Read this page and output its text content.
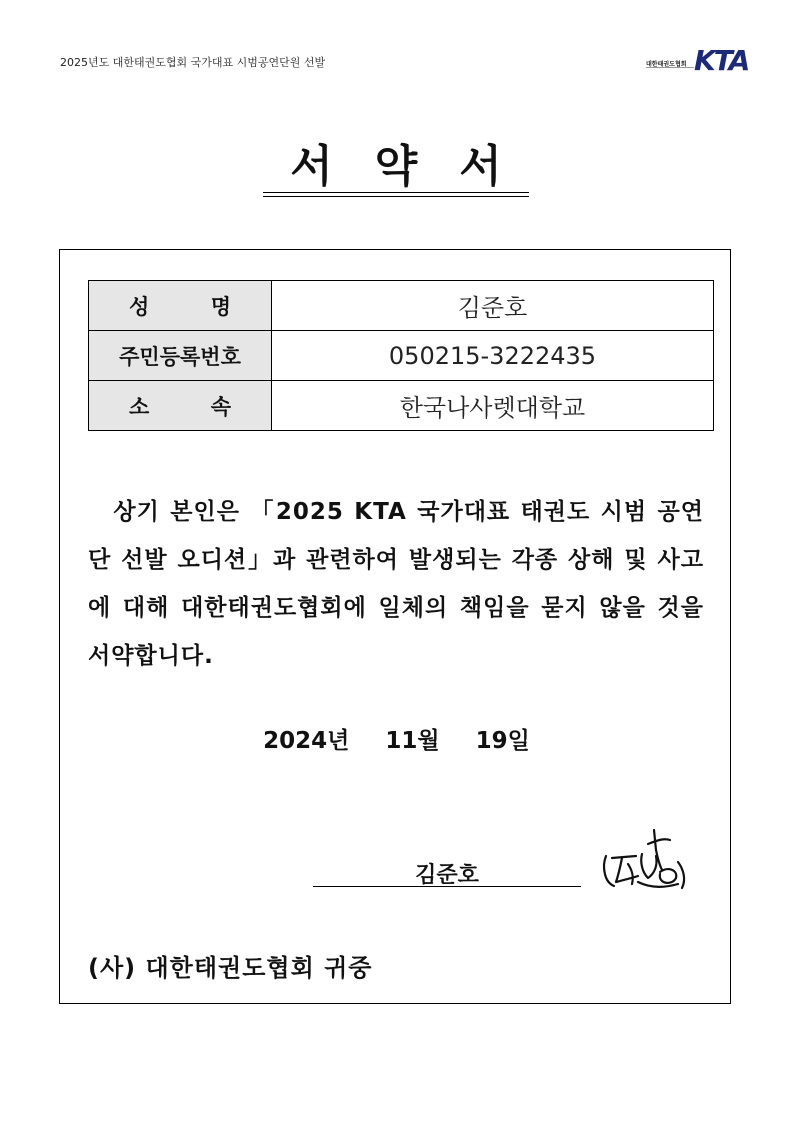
2025년도 대한태권도협회 국가대표 시범공연단원 선발	대한태권도협회 KTA
서 약 서
성 명	김준호
주민등록번호	050215-3222435

소 속	한국나사렛대학교
　상기 본인은 「2025 KTA 국가대표 태권도 시범 공연단 선발 오디션」과 관련하여 발생되는 각종 상해 및 사고에 대해 대한태권도협회에 일체의 책임을 묻지 않을 것을 서약합니다.
2024년 11월 19일
김준호
(사) 대한태권도협회 귀중
